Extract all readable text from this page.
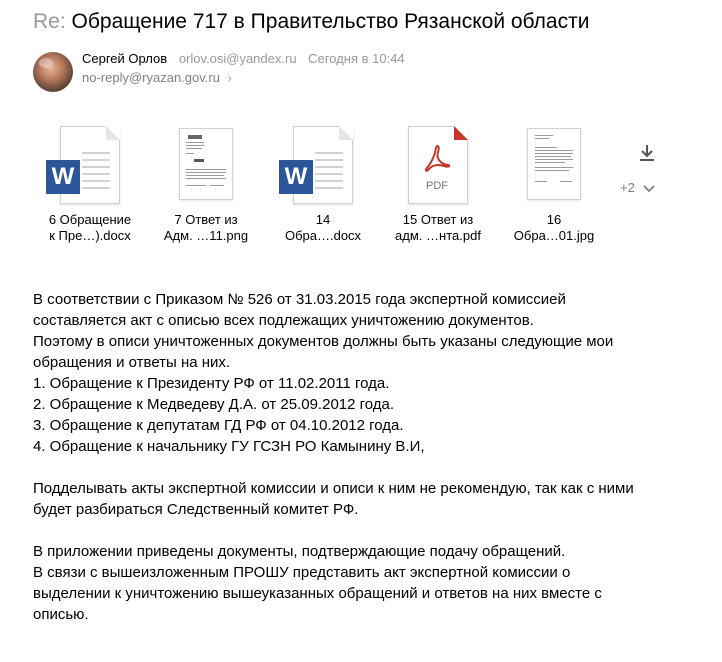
Re: Обращение 717 в Правительство Рязанской области
Сергей Орлов orlov.osi@yandex.ru Сегодня в 10:44
no-reply@ryazan.gov.ru ›
W
6 Обращение
к Пре…).docx
7 Ответ из
Адм. …11.png
W
14
Обра….docx
PDF
15 Ответ из
адм. …нта.pdf
16
Обра…01.jpg
+2

В соответствии с Приказом № 526 от 31.03.2015 года экспертной комиссией

составляется акт с описью всех подлежащих уничтожению документов.

Поэтому в описи уничтоженных документов должны быть указаны следующие мои

обращения и ответы на них.

1. Обращение к Президенту РФ от 11.02.2011 года.

2. Обращение к Медведеву Д.А. от 25.09.2012 года.

3. Обращение к депутатам ГД РФ от 04.10.2012 года.

4. Обращение к начальнику ГУ ГСЗН РО Камынину В.И,

Подделывать акты экспертной комиссии и описи к ним не рекомендую, так как с ними

будет разбираться Следственный комитет РФ.

В приложении приведены документы, подтверждающие подачу обращений.

В связи с вышеизложенным ПРОШУ представить акт экспертной комиссии о

выделении к уничтожению вышеуказанных обращений и ответов на них вместе с

описью.
